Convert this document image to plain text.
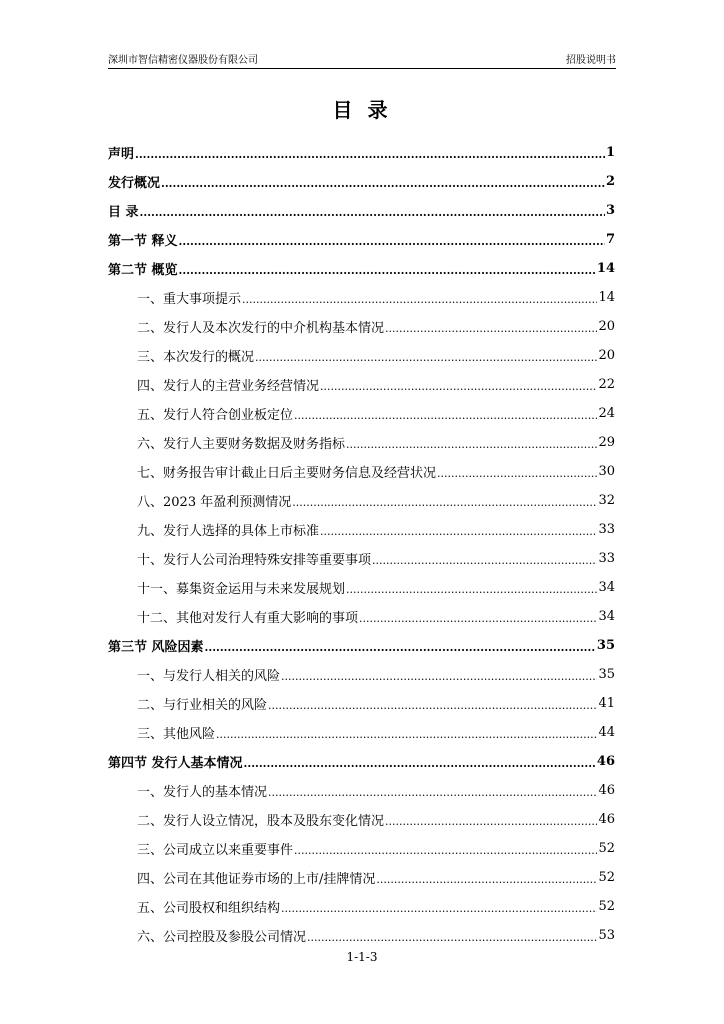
深圳市智信精密仪器股份有限公司	招股说明书
目 录
声明 .....	1
发行概况 .....	2
目 录 .....	3
第一节 释义 .....	7
第二节 概览 .....	14
一、重大事项提示 .....	14
二、发行人及本次发行的中介机构基本情况 .....	20
三、本次发行的概况 .....	20
四、发行人的主营业务经营情况 .....	22
五、发行人符合创业板定位 .....	24
六、发行人主要财务数据及财务指标 .....	29
七、财务报告审计截止日后主要财务信息及经营状况 .....	30
八、2023 年盈利预测情况 .....	32
九、发行人选择的具体上市标准 .....	33
十、发行人公司治理特殊安排等重要事项 .....	33
十一、募集资金运用与未来发展规划 .....	34
十二、其他对发行人有重大影响的事项 .....	34
第三节 风险因素 .....	35
一、与发行人相关的风险 .....	35
二、与行业相关的风险 .....	41
三、其他风险 .....	44
第四节 发行人基本情况 .....	46
一、发行人的基本情况 .....	46
二、发行人设立情况，股本及股东变化情况 .....	46
三、公司成立以来重要事件 .....	52
四、公司在其他证券市场的上市/挂牌情况 .....	52
五、公司股权和组织结构 .....	52
六、公司控股及参股公司情况 .....	53
1-1-3
